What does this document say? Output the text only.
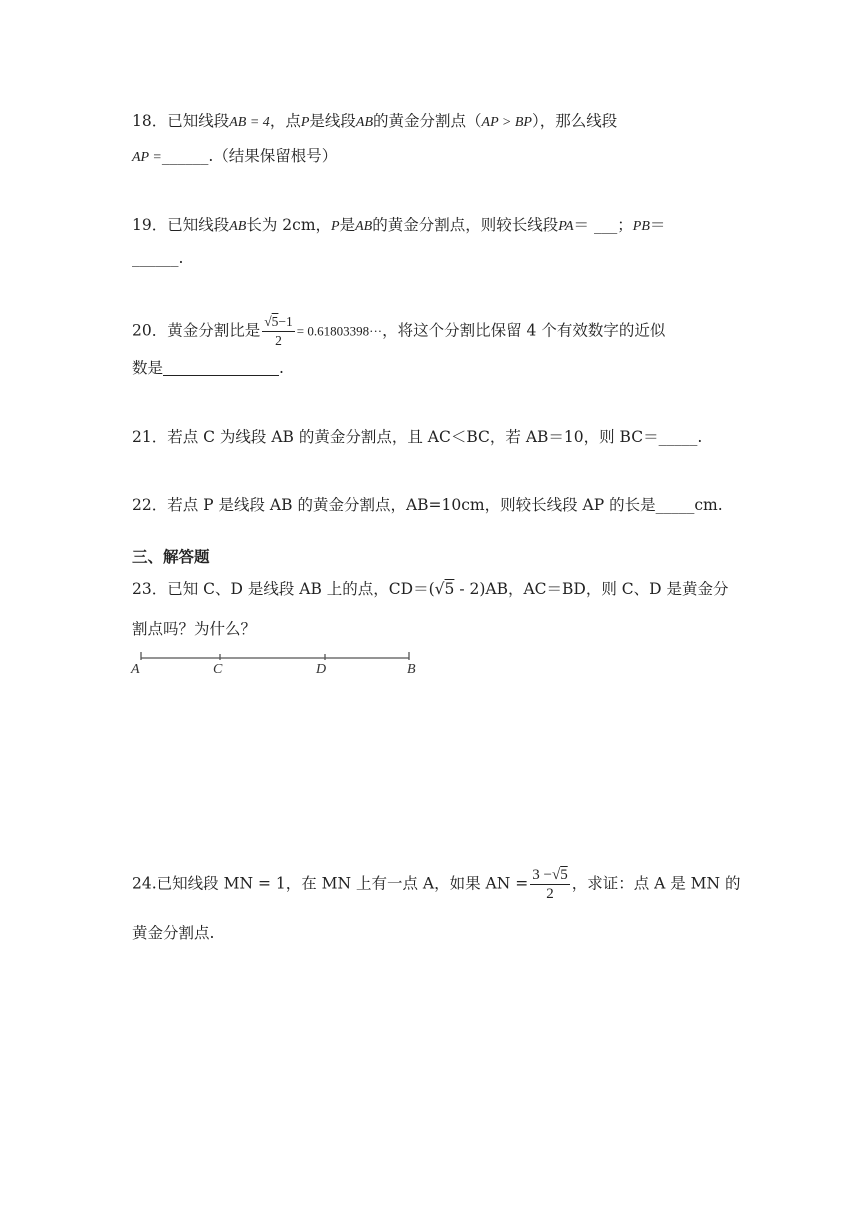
18．已知线段AB = 4，点P是线段AB的黄金分割点（AP > BP），那么线段
AP =______.（结果保留根号）
19．已知线段AB长为 2cm，P是AB的黄金分割点，则较长线段PA＝ ___；PB＝
______.
20．黄金分割比是 $\frac{√5-1}{2} = 0.61803398\cdot\cdot\cdot$，将这个分割比保留 4 个有效数字的近似
数是	.
21．若点 C 为线段 AB 的黄金分割点，且 AC＜BC，若 AB＝10，则 BC＝_____.
22．若点 P 是线段 AB 的黄金分割点，AB=10cm，则较长线段 AP 的长是_____cm.
三、解答题
23．已知 C、D 是线段 AB 上的点，CD＝(√5 - 2)AB，AC＝BD，则 C、D 是黄金分
割点吗？为什么？
A	C	D	B
24.已知线段 MN = 1，在 MN 上有一点 A，如果 AN = $\frac{3 -√5}{2}$ ，求证：点 A 是 MN 的
黄金分割点.
